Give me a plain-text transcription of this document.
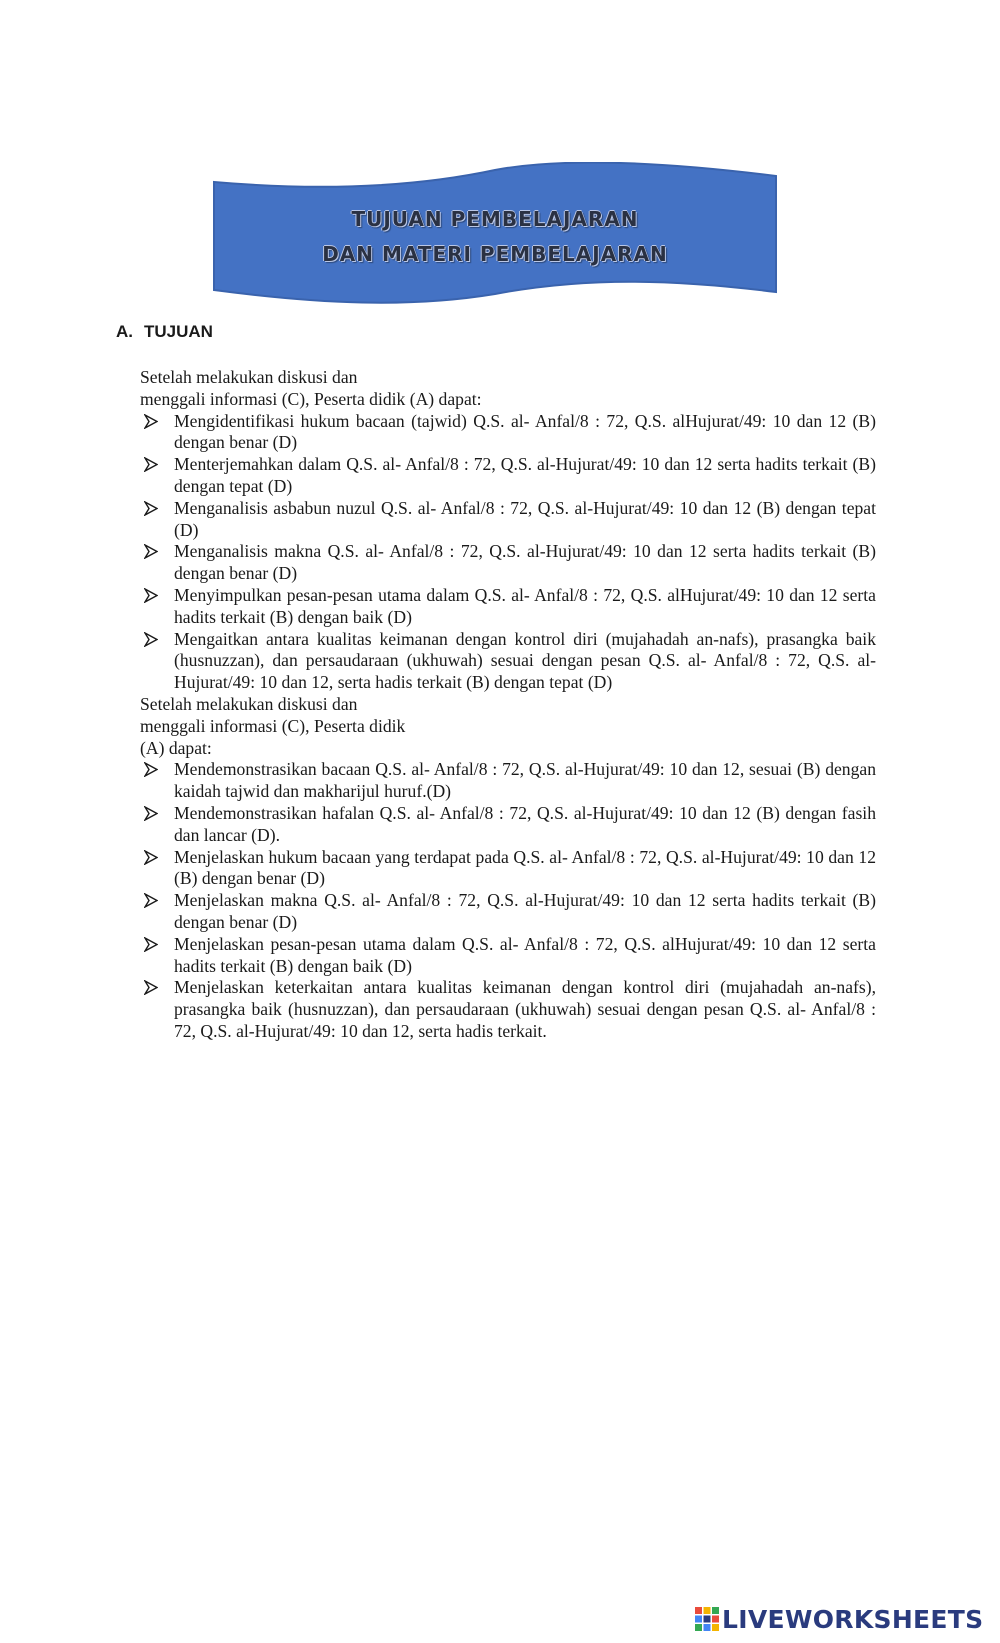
TUJUAN PEMBELAJARAN
DAN MATERI PEMBELAJARAN
A. TUJUAN
Setelah melakukan diskusi dan
menggali informasi (C), Peserta didik (A) dapat:
Mengidentifikasi hukum bacaan (tajwid) Q.S. al- Anfal/8 : 72, Q.S. alHujurat/49: 10 dan 12 (B) dengan benar (D)
Menterjemahkan dalam Q.S. al- Anfal/8 : 72, Q.S. al-Hujurat/49: 10 dan 12 serta hadits terkait (B) dengan tepat (D)
Menganalisis asbabun nuzul Q.S. al- Anfal/8 : 72, Q.S. al-Hujurat/49: 10 dan 12 (B) dengan tepat (D)
Menganalisis makna Q.S. al- Anfal/8 : 72, Q.S. al-Hujurat/49: 10 dan 12 serta hadits terkait (B) dengan benar (D)
Menyimpulkan pesan-pesan utama dalam Q.S. al- Anfal/8 : 72, Q.S. alHujurat/49: 10 dan 12 serta hadits terkait (B) dengan baik (D)
Mengaitkan antara kualitas keimanan dengan kontrol diri (mujahadah an-nafs), prasangka baik (husnuzzan), dan persaudaraan (ukhuwah) sesuai dengan pesan Q.S. al- Anfal/8 : 72, Q.S. al-Hujurat/49: 10 dan 12, serta hadis terkait (B) dengan tepat (D)
Setelah melakukan diskusi dan
menggali informasi (C), Peserta didik
(A) dapat:
Mendemonstrasikan bacaan Q.S. al- Anfal/8 : 72, Q.S. al-Hujurat/49: 10 dan 12, sesuai (B) dengan kaidah tajwid dan makharijul huruf.(D)
Mendemonstrasikan hafalan Q.S. al- Anfal/8 : 72, Q.S. al-Hujurat/49: 10 dan 12 (B) dengan fasih dan lancar (D).
Menjelaskan hukum bacaan yang terdapat pada Q.S. al- Anfal/8 : 72, Q.S. al-Hujurat/49: 10 dan 12 (B) dengan benar (D)
Menjelaskan makna Q.S. al- Anfal/8 : 72, Q.S. al-Hujurat/49: 10 dan 12 serta hadits terkait (B) dengan benar (D)
Menjelaskan pesan-pesan utama dalam Q.S. al- Anfal/8 : 72, Q.S. alHujurat/49: 10 dan 12 serta hadits terkait (B) dengan baik (D)
Menjelaskan keterkaitan antara kualitas keimanan dengan kontrol diri (mujahadah an-nafs), prasangka baik (husnuzzan), dan persaudaraan (ukhuwah) sesuai dengan pesan Q.S. al- Anfal/8 : 72, Q.S. al-Hujurat/49: 10 dan 12, serta hadis terkait.
LIVEWORKSHEETS
